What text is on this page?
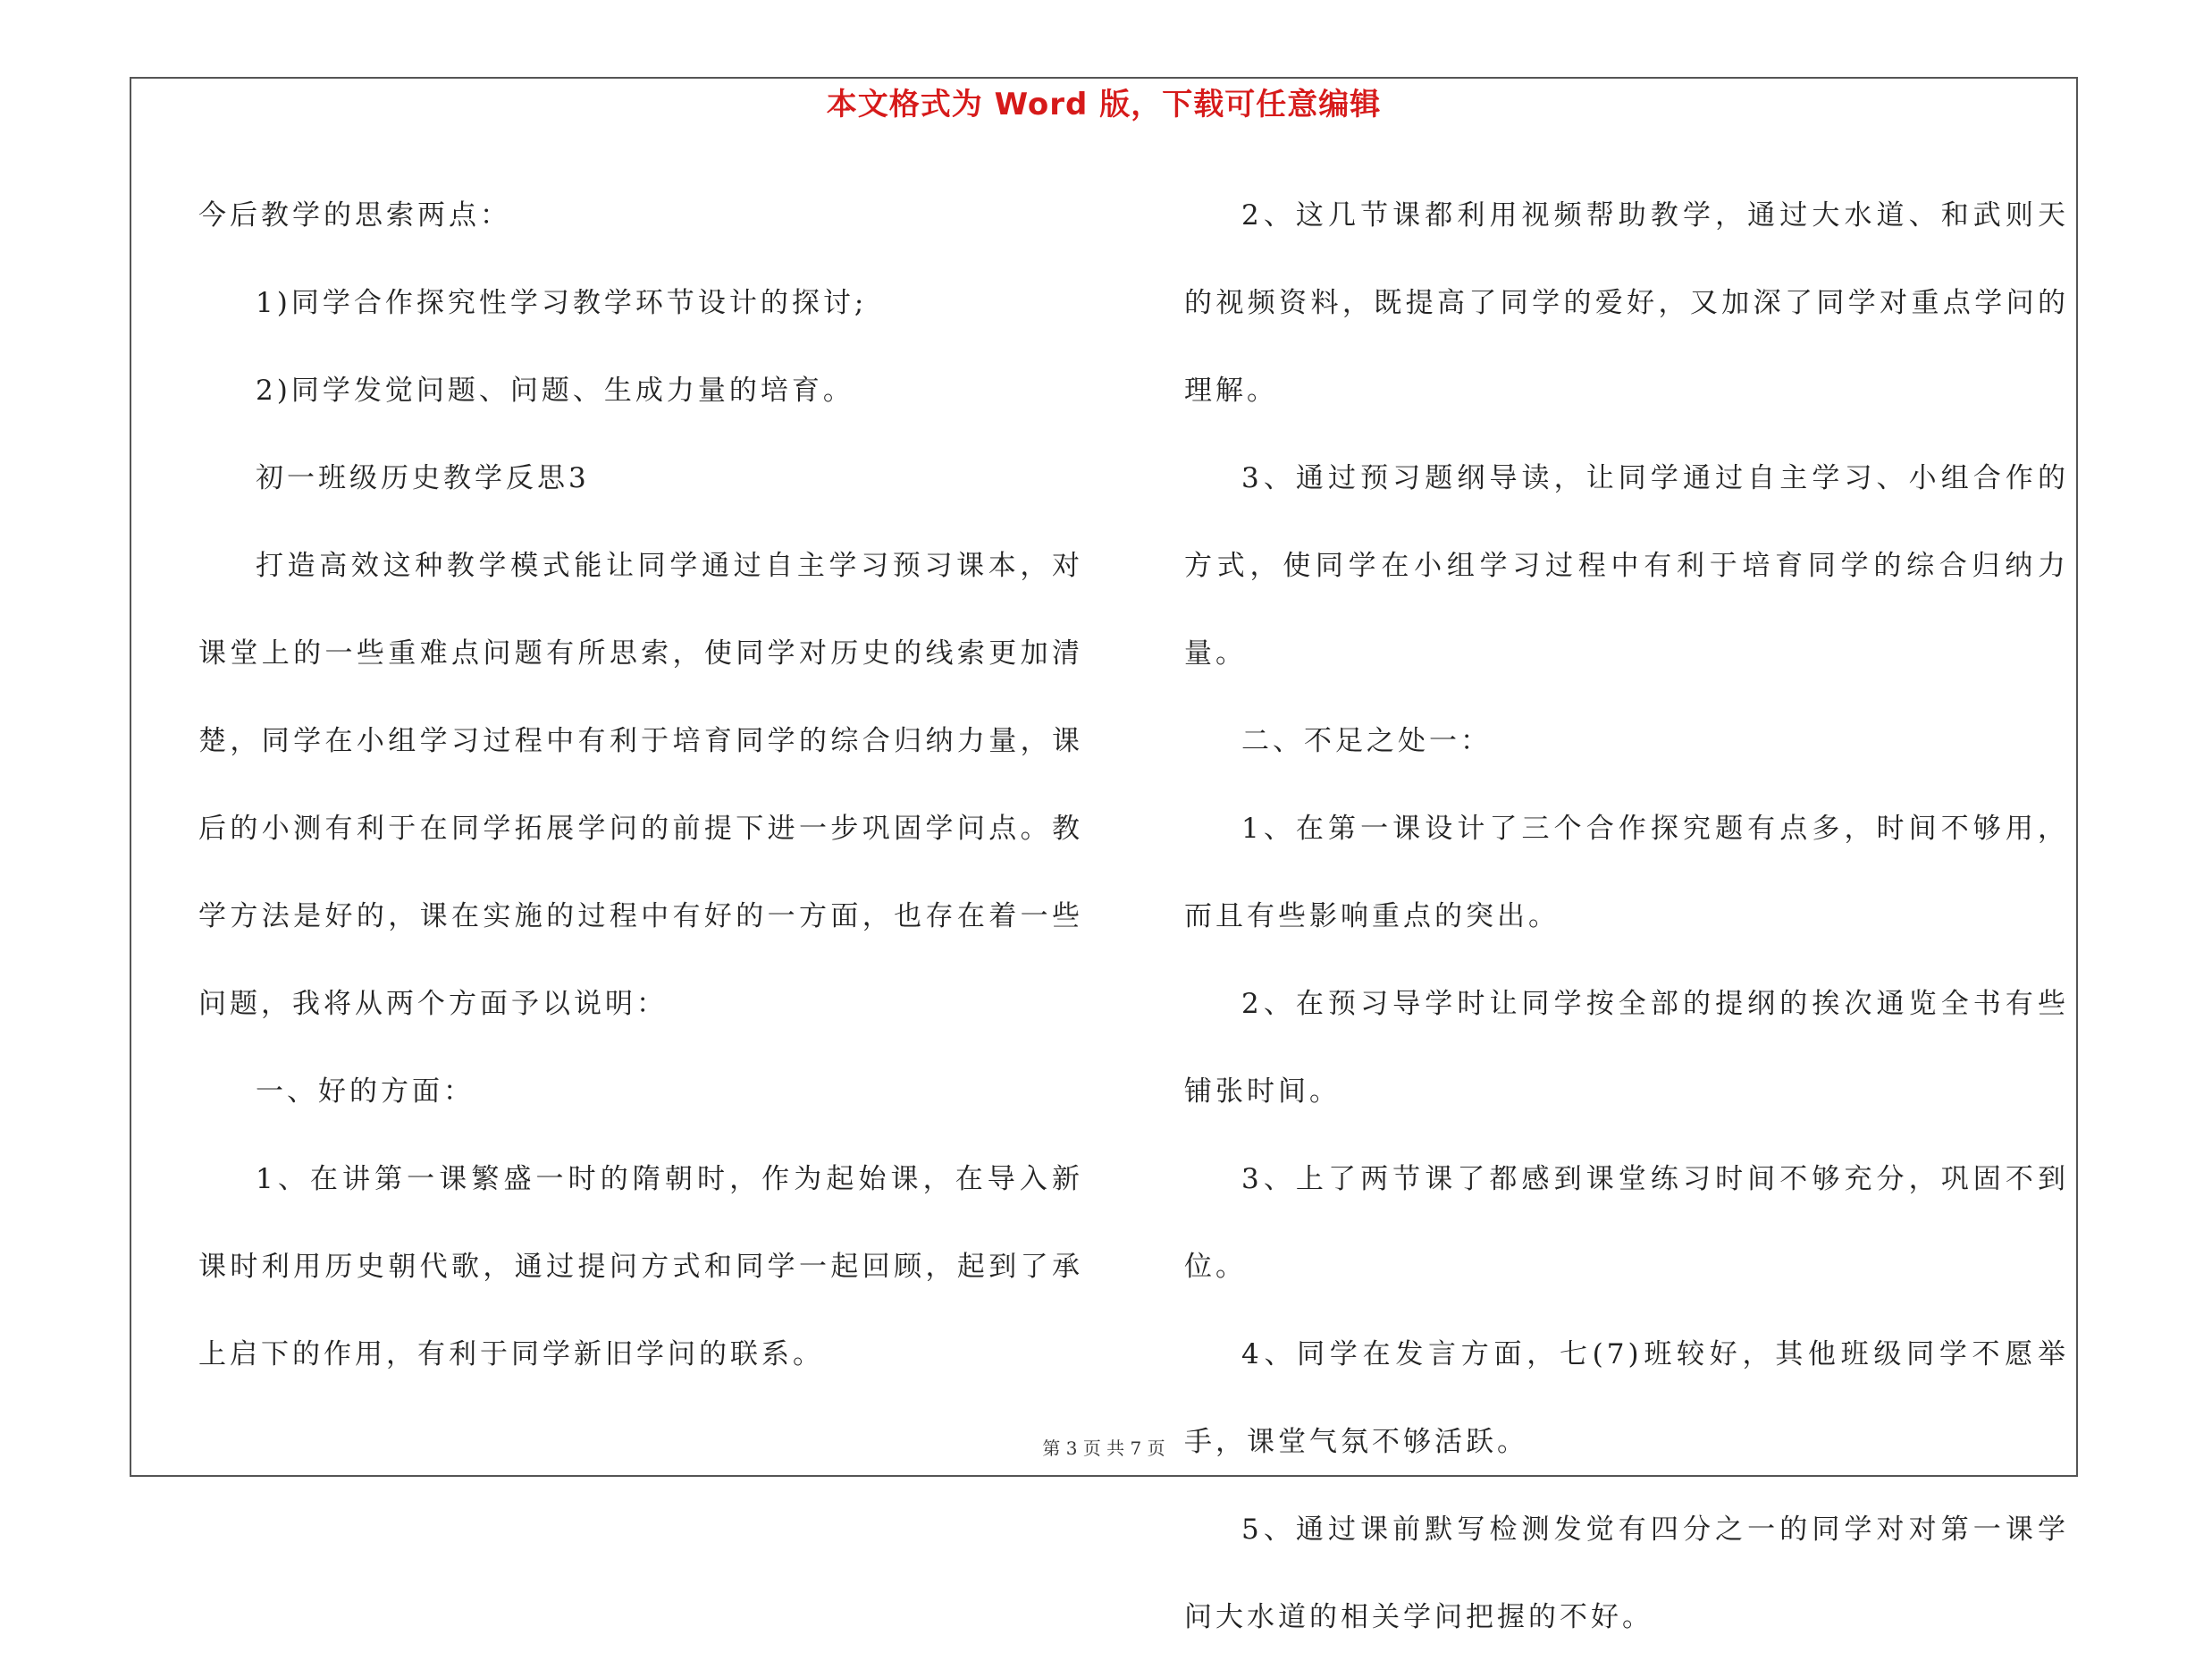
本文格式为 Word 版，下载可任意编辑

今后教学的思索两点：

1)同学合作探究性学习教学环节设计的探讨;

2)同学发觉问题、问题、生成力量的培育。

初一班级历史教学反思3

打造高效这种教学模式能让同学通过自主学习预习课本，对课堂上的一些重难点问题有所思索，使同学对历史的线索更加清楚，同学在小组学习过程中有利于培育同学的综合归纳力量，课后的小测有利于在同学拓展学问的前提下进一步巩固学问点。教学方法是好的，课在实施的过程中有好的一方面，也存在着一些问题，我将从两个方面予以说明：

一、好的方面：

1、在讲第一课繁盛一时的隋朝时，作为起始课，在导入新课时利用历史朝代歌，通过提问方式和同学一起回顾，起到了承上启下的作用，有利于同学新旧学问的联系。

2、这几节课都利用视频帮助教学，通过大水道、和武则天的视频资料，既提高了同学的爱好，又加深了同学对重点学问的理解。

3、通过预习题纲导读，让同学通过自主学习、小组合作的方式，使同学在小组学习过程中有利于培育同学的综合归纳力量。

二、不足之处一：

1、在第一课设计了三个合作探究题有点多，时间不够用，而且有些影响重点的突出。

2、在预习导学时让同学按全部的提纲的挨次通览全书有些铺张时间。

3、上了两节课了都感到课堂练习时间不够充分，巩固不到位。

4、同学在发言方面，七(7)班较好，其他班级同学不愿举手，课堂气氛不够活跃。

5、通过课前默写检测发觉有四分之一的同学对对第一课学问大水道的相关学问把握的不好。

第 3 页 共 7 页
